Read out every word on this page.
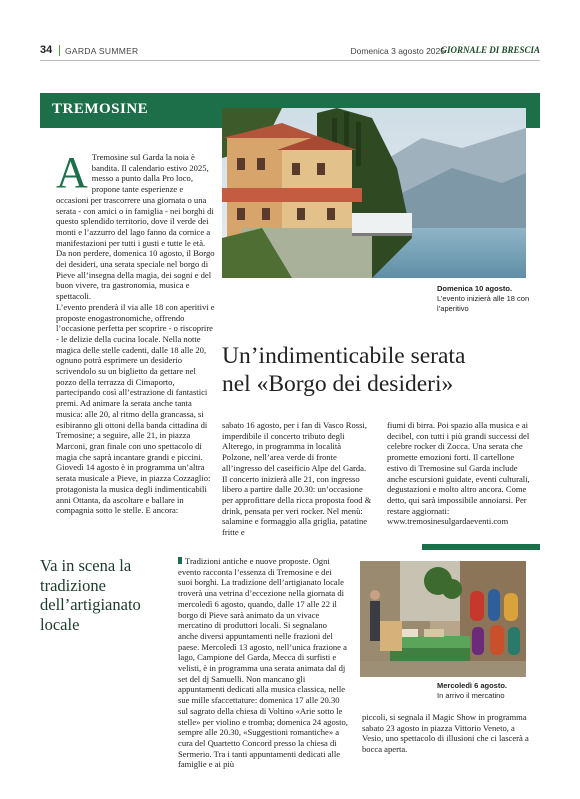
34 GARDA SUMMER	Domenica 3 agosto 2025
GIORNALE DI BRESCIA
TREMOSINE
Domenica 10 agosto.
L’evento inizierà alle 18 con l’aperitivo
A Tremosine sul Garda la noia è bandita. Il calendario estivo 2025, messo a punto dalla Pro loco, propone tante esperienze e occasioni per trascorrere una giornata o una serata - con amici o in famiglia - nei borghi di questo splendido territorio, dove il verde dei monti e l’azzurro del lago fanno da cornice a manifestazioni per tutti i gusti e tutte le età. Da non perdere, domenica 10 agosto, il Borgo dei desideri, una serata speciale nel borgo di Pieve all’insegna della magia, dei sogni e del buon vivere, tra gastronomia, musica e spettacoli.
L’evento prenderà il via alle 18 con aperitivi e proposte enogastronomiche, offrendo l’occasione perfetta per scoprire - o riscoprire - le delizie della cucina locale. Nella notte magica delle stelle cadenti, dalle 18 alle 20, ognuno potrà esprimere un desiderio scrivendolo su un biglietto da gettare nel pozzo della terrazza di Cimaporto, partecipando così all’estrazione di fantastici premi. Ad animare la serata anche tanta musica: alle 20, al ritmo della grancassa, si esibiranno gli ottoni della banda cittadina di Tremosine; a seguire, alle 21, in piazza Marconi, gran finale con uno spettacolo di magia che saprà incantare grandi e piccini. Giovedì 14 agosto è in programma un’altra serata musicale a Pieve, in piazza Cozzaglio: protagonista la musica degli indimenticabili anni Ottanta, da ascoltare e ballare in compagnia sotto le stelle. E ancora:
Un’indimenticabile serata
nel «Borgo dei desideri»
sabato 16 agosto, per i fan di Vasco Rossi, imperdibile il concerto tributo degli Alterego, in programma in località Polzone, nell’area verde di fronte all’ingresso del caseificio Alpe del Garda. Il concerto inizierà alle 21, con ingresso libero a partire dalle 20.30: un’occasione per approfittare della ricca proposta food & drink, pensata per veri rocker. Nel menù: salamine e formaggio alla griglia, patatine fritte e
fiumi di birra. Poi spazio alla musica e ai decibel, con tutti i più grandi successi del celebre rocker di Zocca. Una serata che promette emozioni forti. Il cartellone estivo di Tremosine sul Garda include anche escursioni guidate, eventi culturali, degustazioni e molto altro ancora. Come detto, qui sarà impossibile annoiarsi. Per restare aggiornati: www.tremosinesulgardaeventi.com
Va in scena la tradizione dell’artigianato locale
Tradizioni antiche e nuove proposte. Ogni evento racconta l’essenza di Tremosine e dei suoi borghi. La tradizione dell’artigianato locale troverà una vetrina d’eccezione nella giornata di mercoledì 6 agosto, quando, dalle 17 alle 22 il borgo di Pieve sarà animato da un vivace mercatino di produttori locali. Si segnalano anche diversi appuntamenti nelle frazioni del paese. Mercoledì 13 agosto, nell’unica frazione a lago, Campione del Garda, Mecca di surfisti e velisti, è in programma una serata animata dal dj set del dj Samuelli. Non mancano gli appuntamenti dedicati alla musica classica, nelle sue mille sfaccettature: domenica 17 alle 20.30 sul sagrato della chiesa di Voltino «Arie sotto le stelle» per violino e tromba; domenica 24 agosto, sempre alle 20.30, «Suggestioni romantiche» a cura del Quartetto Concord presso la chiesa di Sermerio. Tra i tanti appuntamenti dedicati alle famiglie e ai più
Mercoledì 6 agosto.
In arrivo il mercatino
piccoli, si segnala il Magic Show in programma sabato 23 agosto in piazza Vittorio Veneto, a Vesio, uno spettacolo di illusioni che ci lascerà a bocca aperta.
